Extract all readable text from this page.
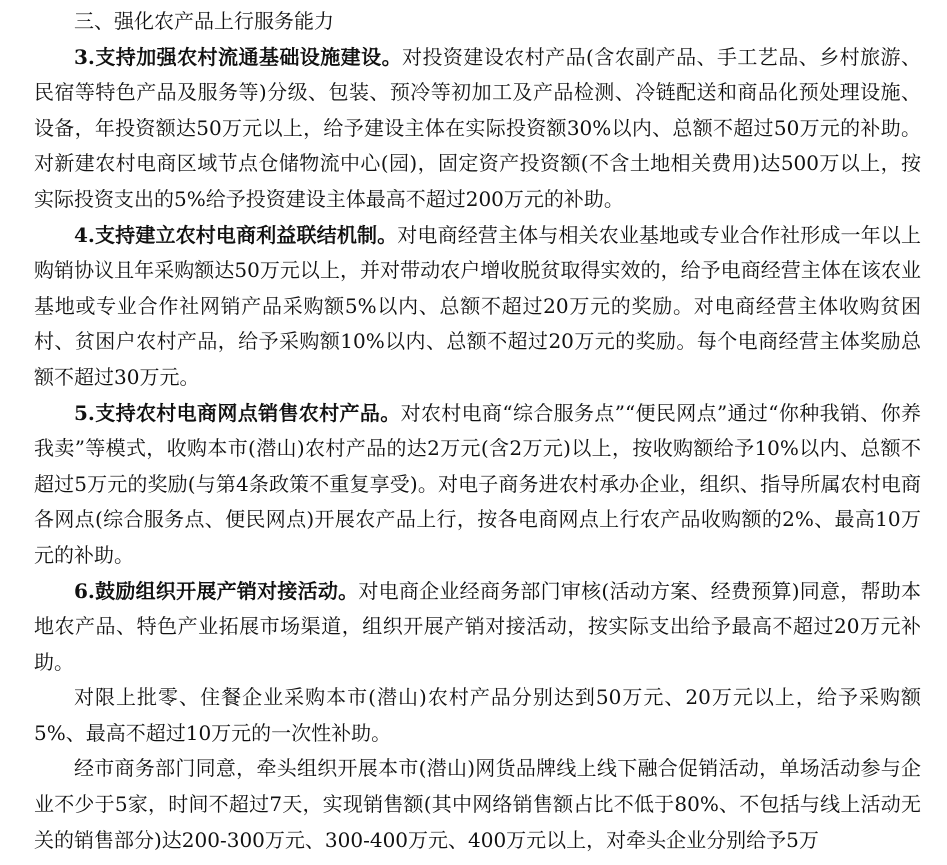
三、强化农产品上行服务能力

3.支持加强农村流通基础设施建设。对投资建设农村产品(含农副产品、手工艺品、乡村旅游、民宿等特色产品及服务等)分级、包装、预冷等初加工及产品检测、冷链配送和商品化预处理设施、设备，年投资额达50万元以上，给予建设主体在实际投资额30%以内、总额不超过50万元的补助。对新建农村电商区域节点仓储物流中心(园)，固定资产投资额(不含土地相关费用)达500万以上，按实际投资支出的5%给予投资建设主体最高不超过200万元的补助。

4.支持建立农村电商利益联结机制。对电商经营主体与相关农业基地或专业合作社形成一年以上购销协议且年采购额达50万元以上，并对带动农户增收脱贫取得实效的，给予电商经营主体在该农业基地或专业合作社网销产品采购额5%以内、总额不超过20万元的奖励。对电商经营主体收购贫困村、贫困户农村产品，给予采购额10%以内、总额不超过20万元的奖励。每个电商经营主体奖励总额不超过30万元。

5.支持农村电商网点销售农村产品。对农村电商“综合服务点”“便民网点”通过“你种我销、你养我卖”等模式，收购本市(潜山)农村产品的达2万元(含2万元)以上，按收购额给予10%以内、总额不超过5万元的奖励(与第4条政策不重复享受)。对电子商务进农村承办企业，组织、指导所属农村电商各网点(综合服务点、便民网点)开展农产品上行，按各电商网点上行农产品收购额的2%、最高10万元的补助。

6.鼓励组织开展产销对接活动。对电商企业经商务部门审核(活动方案、经费预算)同意，帮助本地农产品、特色产业拓展市场渠道，组织开展产销对接活动，按实际支出给予最高不超过20万元补助。

对限上批零、住餐企业采购本市(潜山)农村产品分别达到50万元、20万元以上，给予采购额5%、最高不超过10万元的一次性补助。

经市商务部门同意，牵头组织开展本市(潜山)网货品牌线上线下融合促销活动，单场活动参与企业不少于5家，时间不超过7天，实现销售额(其中网络销售额占比不低于80%、不包括与线上活动无关的销售部分)达200-300万元、300-400万元、400万元以上，对牵头企业分别给予5万
